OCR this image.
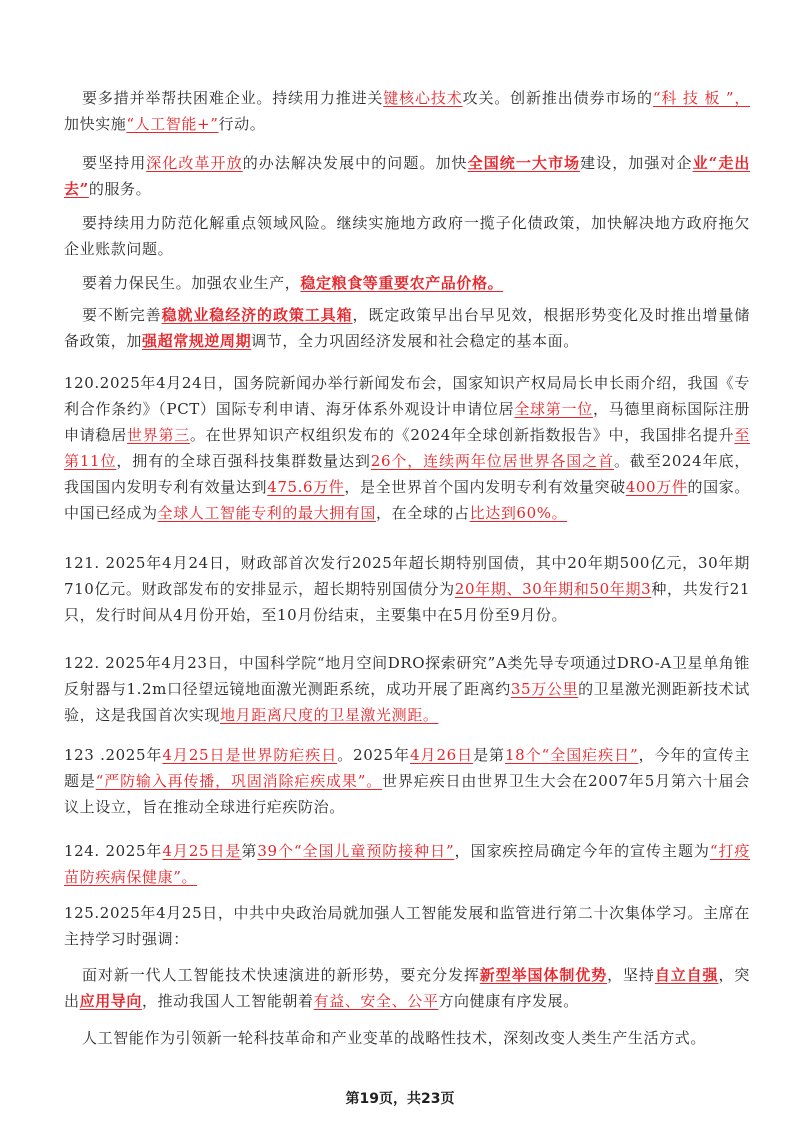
要多措并举帮扶困难企业。持续用力推进关键核心技术攻关。创新推出债券市场的“科 技 板 ”， 加快实施“人工智能+”行动。

要坚持用深化改革开放的办法解决发展中的问题。加快全国统一大市场建设，加强对企业“走出去”的服务。

要持续用力防范化解重点领域风险。继续实施地方政府一揽子化债政策，加快解决地方政府拖欠企业账款问题。

要着力保民生。加强农业生产，稳定粮食等重要农产品价格。

要不断完善稳就业稳经济的政策工具箱，既定政策早出台早见效，根据形势变化及时推出增量储备政策，加强超常规逆周期调节，全力巩固经济发展和社会稳定的基本面。

120.2025年4月24日，国务院新闻办举行新闻发布会，国家知识产权局局长申长雨介绍，我国《专利合作条约》（PCT）国际专利申请、海牙体系外观设计申请位居全球第一位，马德里商标国际注册申请稳居世界第三。在世界知识产权组织发布的《2024年全球创新指数报告》中，我国排名提升至第11位，拥有的全球百强科技集群数量达到26个，连续两年位居世界各国之首。截至2024年底，我国国内发明专利有效量达到475.6万件，是全世界首个国内发明专利有效量突破400万件的国家。中国已经成为全球人工智能专利的最大拥有国，在全球的占比达到60%。

121. 2025年4月24日，财政部首次发行2025年超长期特别国债，其中20年期500亿元，30年期710亿元。财政部发布的安排显示，超长期特别国债分为20年期、30年期和50年期3种，共发行21只，发行时间从4月份开始，至10月份结束，主要集中在5月份至9月份。

122. 2025年4月23日，中国科学院“地月空间DRO探索研究”A类先导专项通过DRO-A卫星单角锥反射器与1.2m口径望远镜地面激光测距系统，成功开展了距离约35万公里的卫星激光测距新技术试验，这是我国首次实现地月距离尺度的卫星激光测距。

123 .2025年4月25日是世界防疟疾日。2025年4月26日是第18个“全国疟疾日”，今年的宣传主题是“严防输入再传播，巩固消除疟疾成果”。世界疟疾日由世界卫生大会在2007年5月第六十届会议上设立，旨在推动全球进行疟疾防治。

124. 2025年4月25日是第39个“全国儿童预防接种日”，国家疾控局确定今年的宣传主题为“打疫苗防疾病保健康”。

125.2025年4月25日，中共中央政治局就加强人工智能发展和监管进行第二十次集体学习。主席在主持学习时强调：

面对新一代人工智能技术快速演进的新形势，要充分发挥新型举国体制优势，坚持自立自强，突出应用导向，推动我国人工智能朝着有益、安全、公平方向健康有序发展。

人工智能作为引领新一轮科技革命和产业变革的战略性技术，深刻改变人类生产生活方式。

第19页，共23页
